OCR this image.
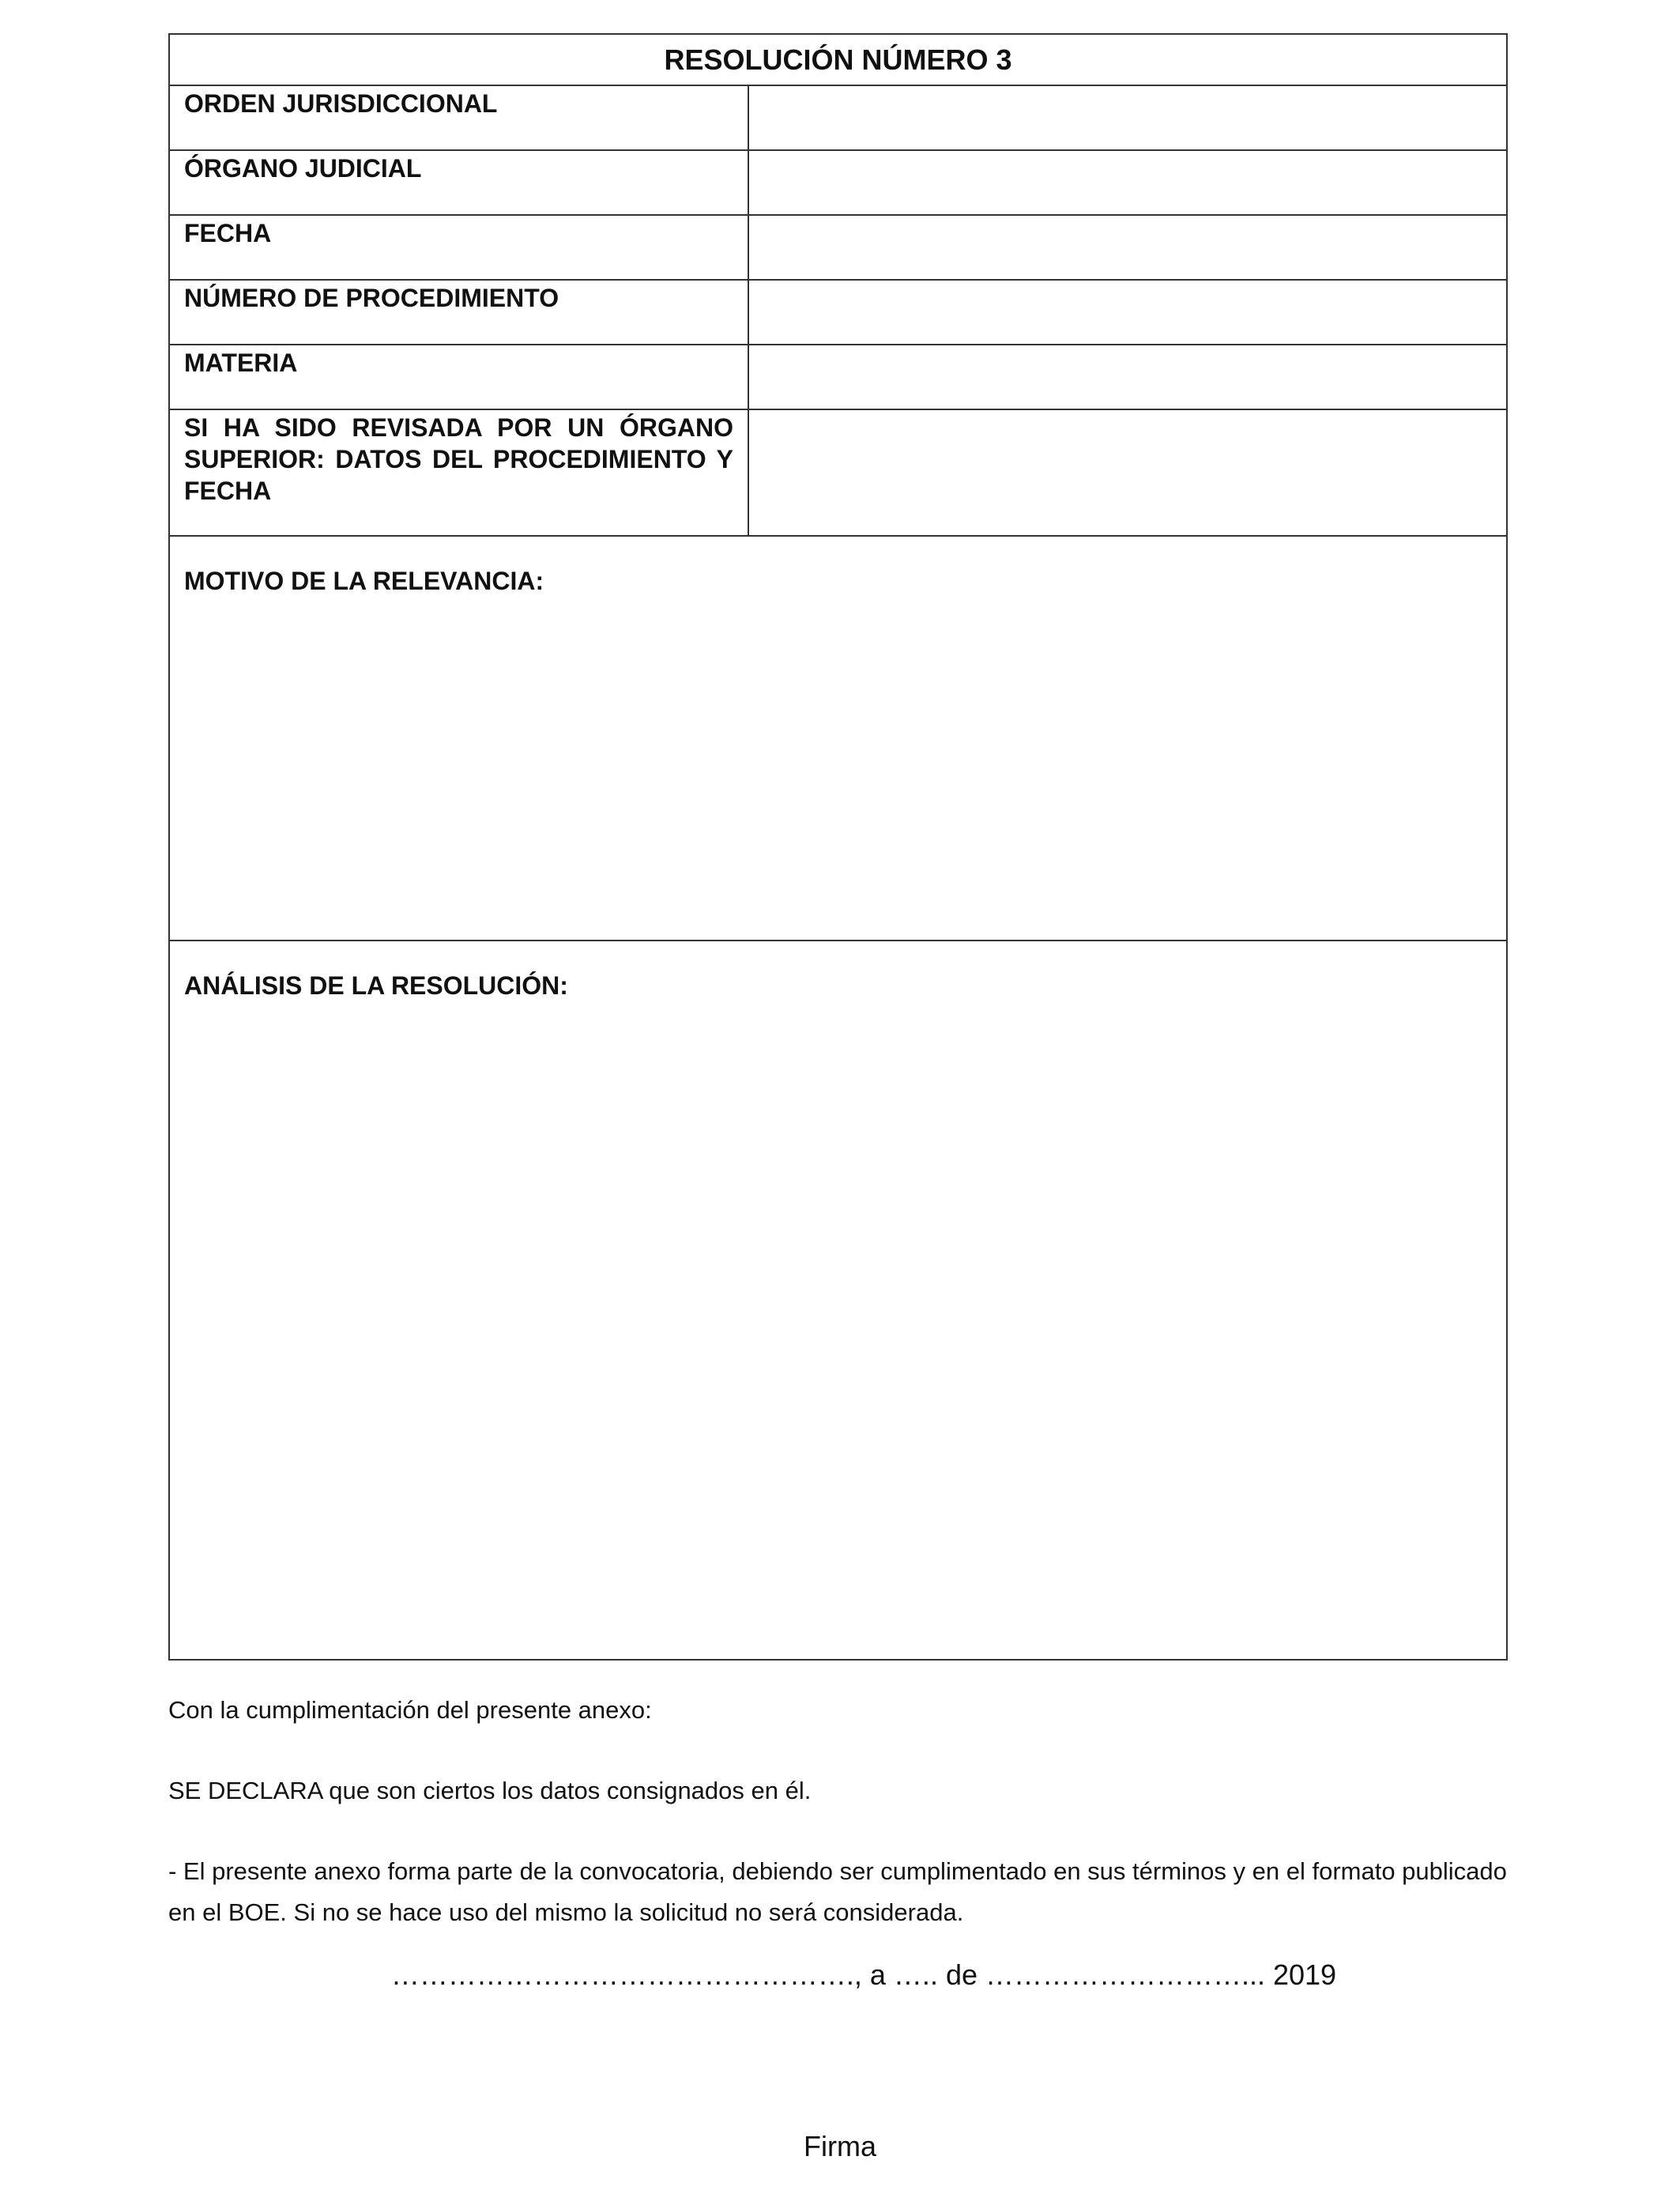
RESOLUCIÓN NÚMERO 3	
ORDEN JURISDICCIONAL	
ÓRGANO JUDICIAL	
FECHA	
NÚMERO DE PROCEDIMIENTO	
MATERIA	
SI HA SIDO REVISADA POR UN ÓRGANO SUPERIOR: DATOS DEL PROCEDIMIENTO Y FECHA	
MOTIVO DE LA RELEVANCIA:	
ANÁLISIS DE LA RESOLUCIÓN:	

Con la cumplimentación del presente anexo:

SE DECLARA que son ciertos los datos consignados en él.

- El presente anexo forma parte de la convocatoria, debiendo ser cumplimentado en sus términos y en el formato publicado en el BOE. Si no se hace uso del mismo la solicitud no será considerada.

…………………………………………., a ….. de ………………………... 2019

Firma
